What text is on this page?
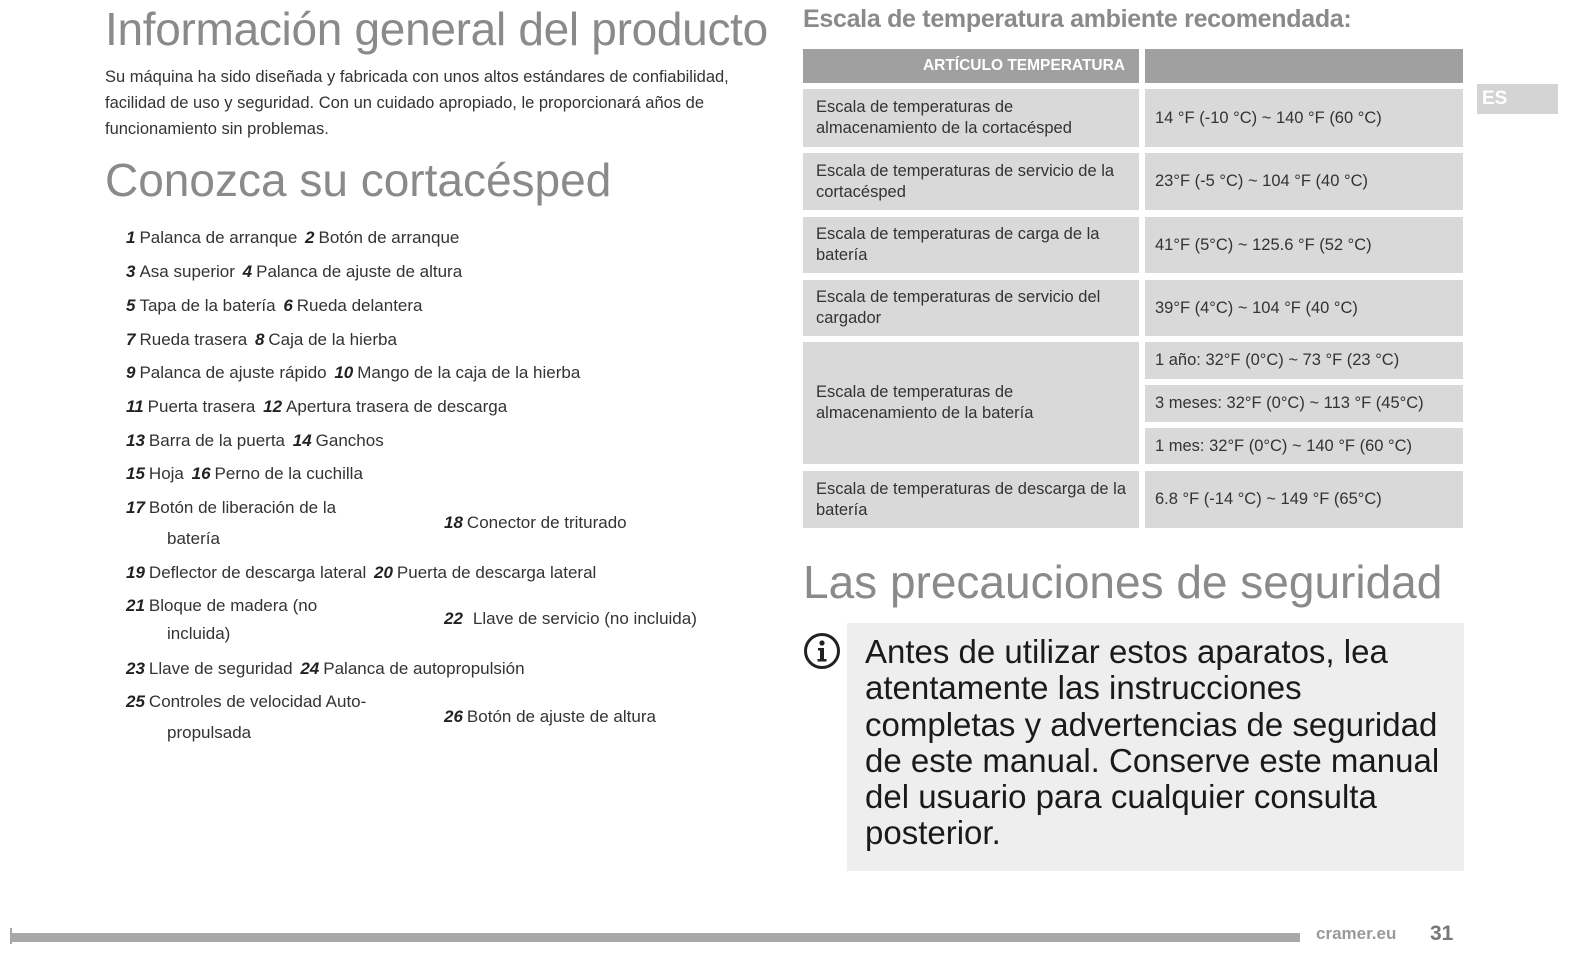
Información general del producto

Su máquina ha sido diseñada y fabricada con unos altos estándares de confiabilidad, facilidad de uso y seguridad. Con un cuidado apropiado, le proporcionará años de funcionamiento sin problemas.

Conozca su cortacésped
1 Palanca de arranque 2 Botón de arranque
3 Asa superior 4 Palanca de ajuste de altura
5 Tapa de la batería 6 Rueda delantera
7 Rueda trasera 8 Caja de la hierba
9 Palanca de ajuste rápido 10 Mango de la caja de la hierba
11 Puerta trasera 12 Apertura trasera de descarga
13 Barra de la puerta 14 Ganchos
15 Hoja 16 Perno de la cuchilla
17 Botón de liberación de la
batería
18 Conector de triturado
19 Deflector de descarga lateral 20 Puerta de descarga lateral
21 Bloque de madera (no
incluida)
22 Llave de servicio (no incluida)
23 Llave de seguridad 24 Palanca de autopropulsión
25 Controles de velocidad Auto-
propulsada
26 Botón de ajuste de altura
Escala de temperatura ambiente recomendada:
ARTÍCULO TEMPERATURA
Escala de temperaturas de almacenamiento de la cortacésped
14 °F (-10 °C) ~ 140 °F (60 °C)
Escala de temperaturas de servicio de la cortacésped
23°F (-5 °C) ~ 104 °F (40 °C)
Escala de temperaturas de carga de la batería
41°F (5°C) ~ 125.6 °F (52 °C)
Escala de temperaturas de servicio del cargador
39°F (4°C) ~ 104 °F (40 °C)
Escala de temperaturas de almacenamiento de la batería
1 año: 32°F (0°C) ~ 73 °F (23 °C)
3 meses: 32°F (0°C) ~ 113 °F (45°C)
1 mes: 32°F (0°C) ~ 140 °F (60 °C)
Escala de temperaturas de descarga de la batería
6.8 °F (-14 °C) ~ 149 °F (65°C)
ES
Las precauciones de seguridad

Antes de utilizar estos aparatos, lea atentamente las instrucciones completas y advertencias de seguridad de este manual. Conserve este manual del usuario para cualquier consulta posterior.

cramer.eu 31
